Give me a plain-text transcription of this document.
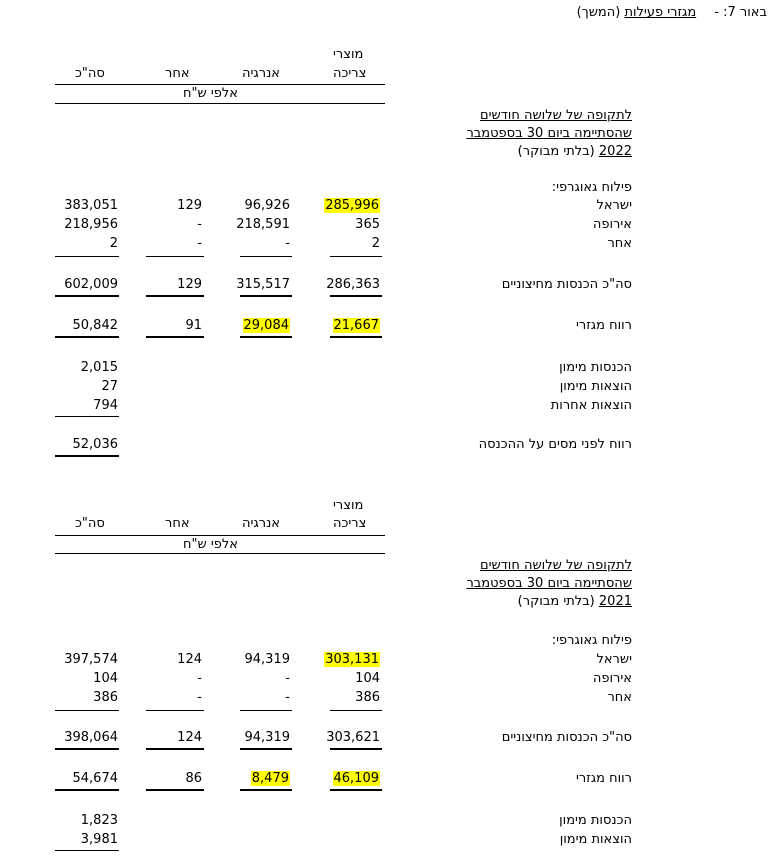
באור 7: - מגזרי פעילות (המשך)
מוצרי
צריכה
אנרגיה
אחר
סה"כ
אלפי ש"ח
לתקופה של שלושה חודשים
שהסתיימה ביום 30 בספטמבר
2022 (בלתי מבוקר)
פילוח גאוגרפי:
ישראל
285,996
96,926
129
383,051
אירופה
365
218,591
-
218,956
אחר
2
-
-
2
סה"כ הכנסות מחיצוניים
286,363
315,517
129
602,009
רווח מגזרי
21,667
29,084
91
50,842
הכנסות מימון
2,015
הוצאות מימון
27
הוצאות אחרות
794
רווח לפני מסים על ההכנסה
52,036
מוצרי
צריכה
אנרגיה
אחר
סה"כ
אלפי ש"ח
לתקופה של שלושה חודשים
שהסתיימה ביום 30 בספטמבר
2021 (בלתי מבוקר)
פילוח גאוגרפי:
ישראל
303,131
94,319
124
397,574
אירופה
104
-
-
104
אחר
386
-
-
386
סה"כ הכנסות מחיצוניים
303,621
94,319
124
398,064
רווח מגזרי
46,109
8,479
86
54,674
הכנסות מימון
1,823
הוצאות מימון
3,981
